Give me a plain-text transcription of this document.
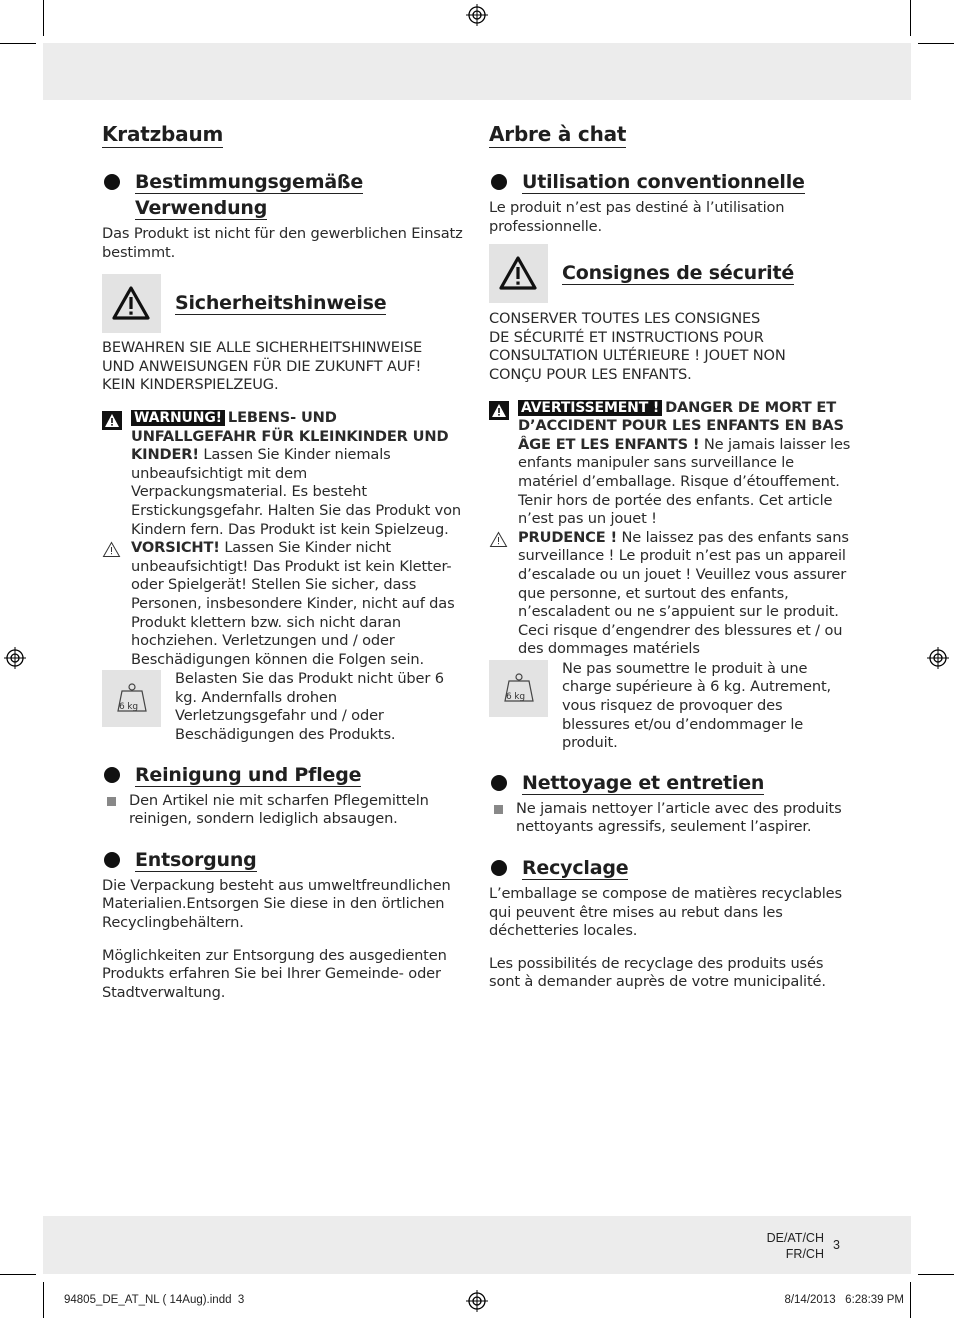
Kratzbaum
Bestimmungsgemäße
Verwendung
Das Produkt ist nicht für den gewerblichen Einsatz bestimmt.
Sicherheitshinweise
BEWAHREN SIE ALLE SICHERHEITSHINWEISE
UND ANWEISUNGEN FÜR DIE ZUKUNFT AUF!
KEIN KINDERSPIELZEUG.
WARNUNG! LEBENS- UND UNFALLGEFAHR FÜR KLEINKINDER UND KINDER! Lassen Sie Kinder niemals unbeaufsichtigt mit dem Verpackungsmaterial. Es besteht Erstickungsgefahr. Halten Sie das Produkt von Kindern fern. Das Produkt ist kein Spielzeug.
VORSICHT! Lassen Sie Kinder nicht unbeaufsichtigt! Das Produkt ist kein Kletter- oder Spielgerät! Stellen Sie sicher, dass Personen, insbesondere Kinder, nicht auf das Produkt klettern bzw. sich nicht daran hochziehen. Verletzungen und / oder Beschädigungen können die Folgen sein.
6 kg
Belasten Sie das Produkt nicht über 6 kg. Andernfalls drohen Verletzungsgefahr und / oder Beschädigungen des Produkts.
Reinigung und Pflege
Den Artikel nie mit scharfen Pflegemitteln reinigen, sondern lediglich absaugen.
Entsorgung
Die Verpackung besteht aus umweltfreundlichen Materialien.Entsorgen Sie diese in den örtlichen Recyclingbehältern.
Möglichkeiten zur Entsorgung des ausgedienten Produkts erfahren Sie bei Ihrer Gemeinde- oder Stadtverwaltung.
Arbre à chat
Utilisation conventionnelle
Le produit n’est pas destiné à l’utilisation professionnelle.
Consignes de sécurité
CONSERVER TOUTES LES CONSIGNES
DE SÉCURITÉ ET INSTRUCTIONS POUR
CONSULTATION ULTÉRIEURE ! JOUET NON
CONÇU POUR LES ENFANTS.
AVERTISSEMENT ! DANGER DE MORT ET D’ACCIDENT POUR LES ENFANTS EN BAS ÂGE ET LES ENFANTS ! Ne jamais laisser les enfants manipuler sans surveillance le matériel d’emballage. Risque d’étouffement. Tenir hors de portée des enfants. Cet article n’est pas un jouet !
PRUDENCE ! Ne laissez pas des enfants sans surveillance ! Le produit n’est pas un appareil d’escalade ou un jouet ! Veuillez vous assurer que personne, et surtout des enfants, n’escaladent ou ne s’appuient sur le produit. Ceci risque d’engendrer des blessures et / ou des dommages matériels
6 kg
Ne pas soumettre le produit à une charge supérieure à 6 kg. Autrement, vous risquez de provoquer des blessures et/ou d’endommager le produit.
Nettoyage et entretien
Ne jamais nettoyer l’article avec des produits nettoyants agressifs, seulement l’aspirer.
Recyclage
L’emballage se compose de matières recyclables qui peuvent être mises au rebut dans les déchetteries locales.
Les possibilités de recyclage des produits usés sont à demander auprès de votre municipalité.
DE/AT/CH
FR/CH
3
94805_DE_AT_NL ( 14Aug).indd 3	8/14/2013   6:28:39 PM
